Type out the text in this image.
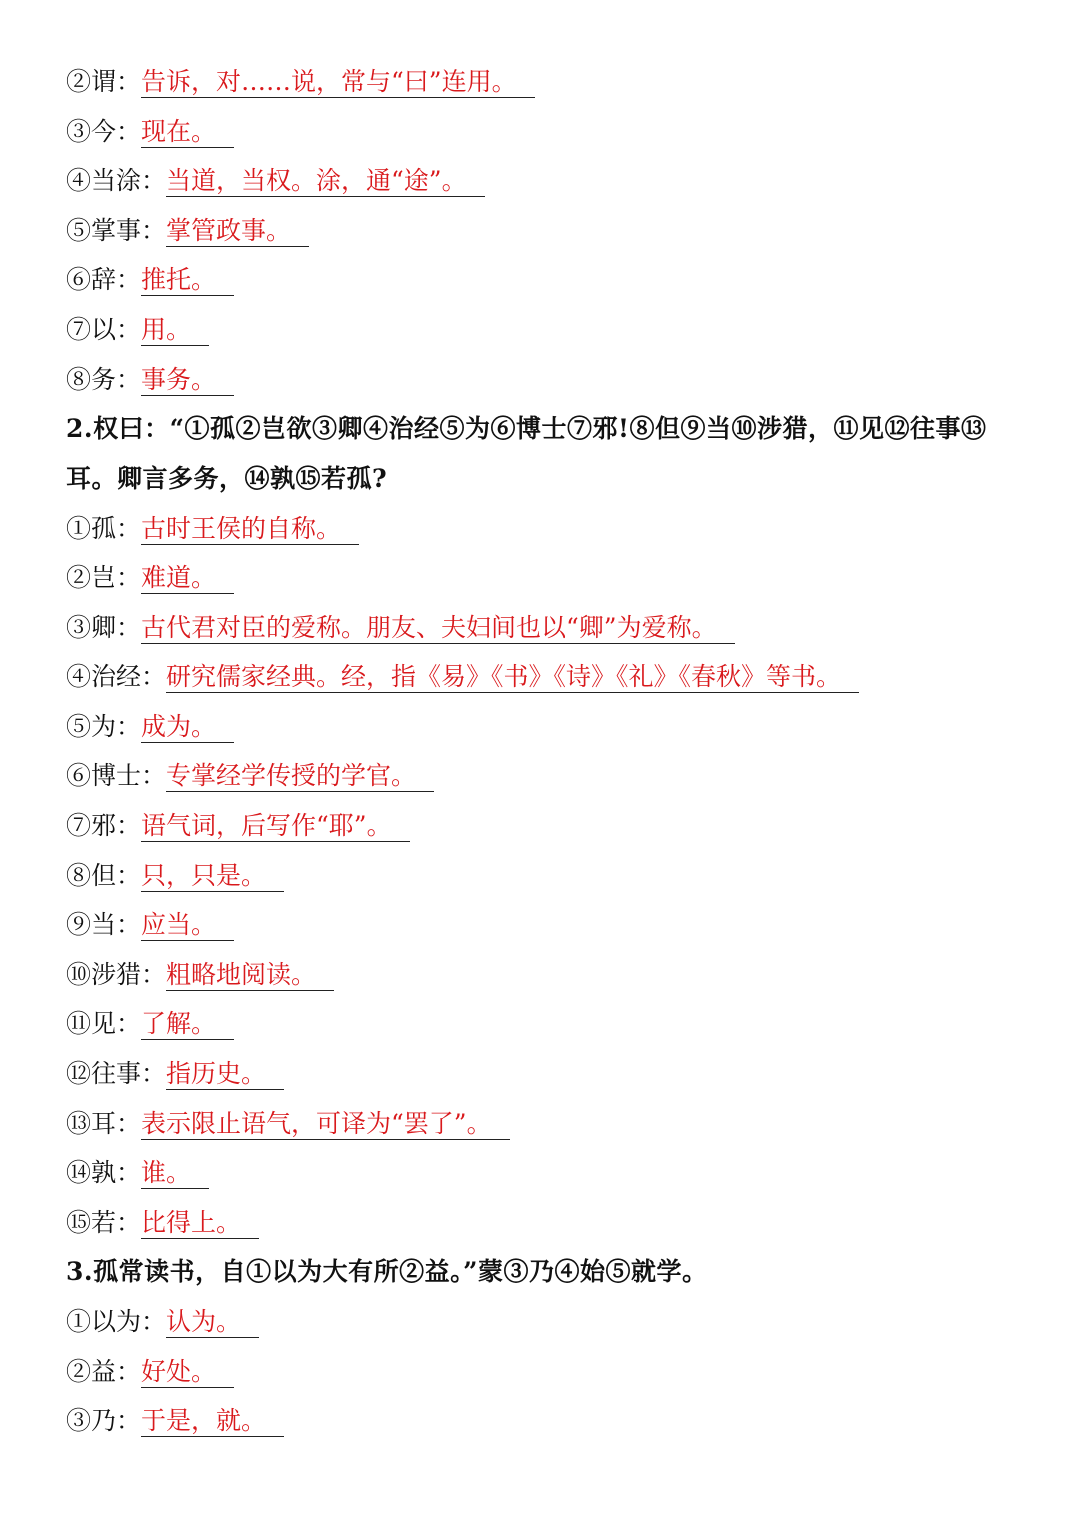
②谓：告诉，对……说，常与“曰”连用。
③今：现在。
④当涂：当道，当权。涂，通“途”。
⑤掌事：掌管政事。
⑥辞：推托。
⑦以：用。
⑧务：事务。
2.权曰：“①孤②岂欲③卿④治经⑤为⑥博士⑦邪!⑧但⑨当⑩涉猎，⑪见⑫往事⑬
耳。卿言多务，⑭孰⑮若孤?
①孤：古时王侯的自称。
②岂：难道。
③卿：古代君对臣的爱称。朋友、夫妇间也以“卿”为爱称。
④治经：研究儒家经典。经，指《易》《书》《诗》《礼》《春秋》等书。
⑤为：成为。
⑥博士：专掌经学传授的学官。
⑦邪：语气词，后写作“耶”。
⑧但：只，只是。
⑨当：应当。
⑩涉猎：粗略地阅读。
⑪见：了解。
⑫往事：指历史。
⑬耳：表示限止语气，可译为“罢了”。
⑭孰：谁。
⑮若：比得上。
3.孤常读书，自①以为大有所②益。”蒙③乃④始⑤就学。
①以为：认为。
②益：好处。
③乃：于是，就。
